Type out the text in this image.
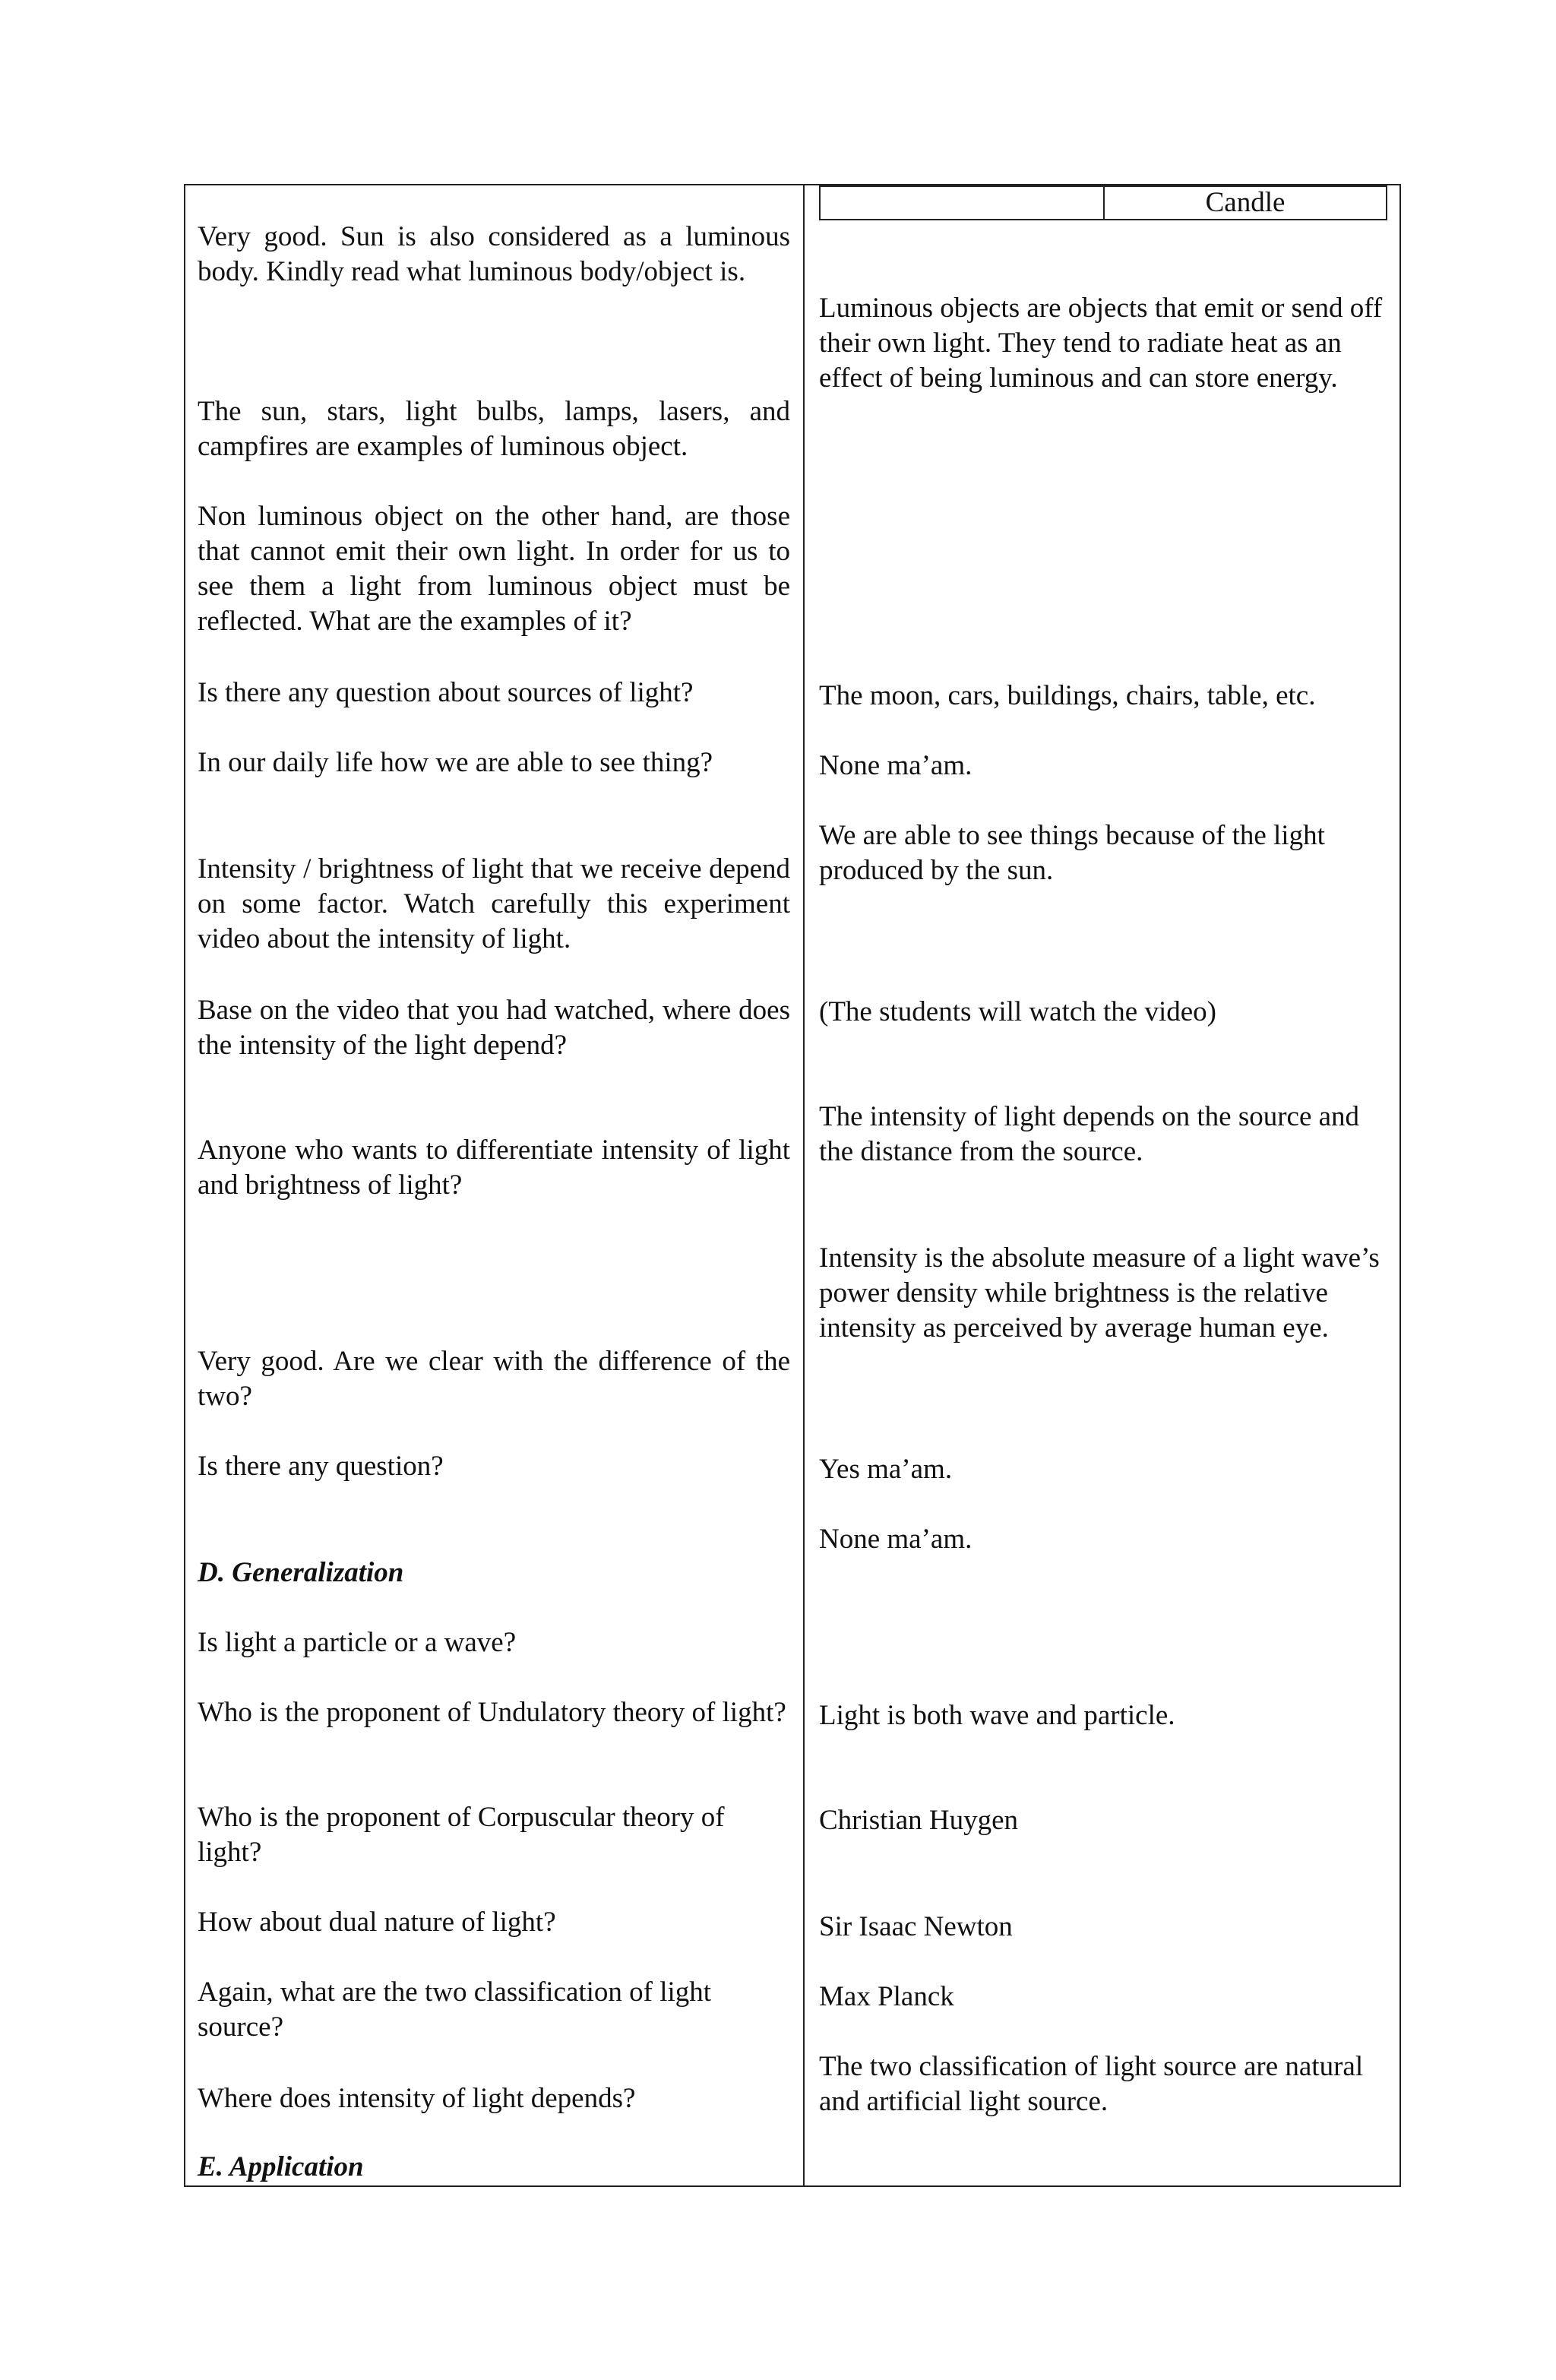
Candle

Very good. Sun is also considered as a luminous body. Kindly read what luminous body/object is.

The sun, stars, light bulbs, lamps, lasers, and campfires are examples of luminous object.

Non luminous object on the other hand, are those that cannot emit their own light. In order for us to see them a light from luminous object must be reflected. What are the examples of it?

Is there any question about sources of light?

In our daily life how we are able to see thing?

Intensity / brightness of light that we receive depend on some factor. Watch carefully this experiment video about the intensity of light.

Base on the video that you had watched, where does the intensity of the light depend?

Anyone who wants to differentiate intensity of light and brightness of light?

Very good. Are we clear with the difference of the two?

Is there any question?

D. Generalization

Is light a particle or a wave?

Who is the proponent of Undulatory theory of light?

Who is the proponent of Corpuscular theory of light?

How about dual nature of light?

Again, what are the two classification of light source?

Where does intensity of light depends?

E. Application

Luminous objects are objects that emit or send off their own light. They tend to radiate heat as an effect of being luminous and can store energy.

The moon, cars, buildings, chairs, table, etc.

None ma’am.

We are able to see things because of the light produced by the sun.

(The students will watch the video)

The intensity of light depends on the source and the distance from the source.

Intensity is the absolute measure of a light wave’s power density while brightness is the relative intensity as perceived by average human eye.

Yes ma’am.

None ma’am.

Light is both wave and particle.

Christian Huygen

Sir Isaac Newton

Max Planck

The two classification of light source are natural and artificial light source.
